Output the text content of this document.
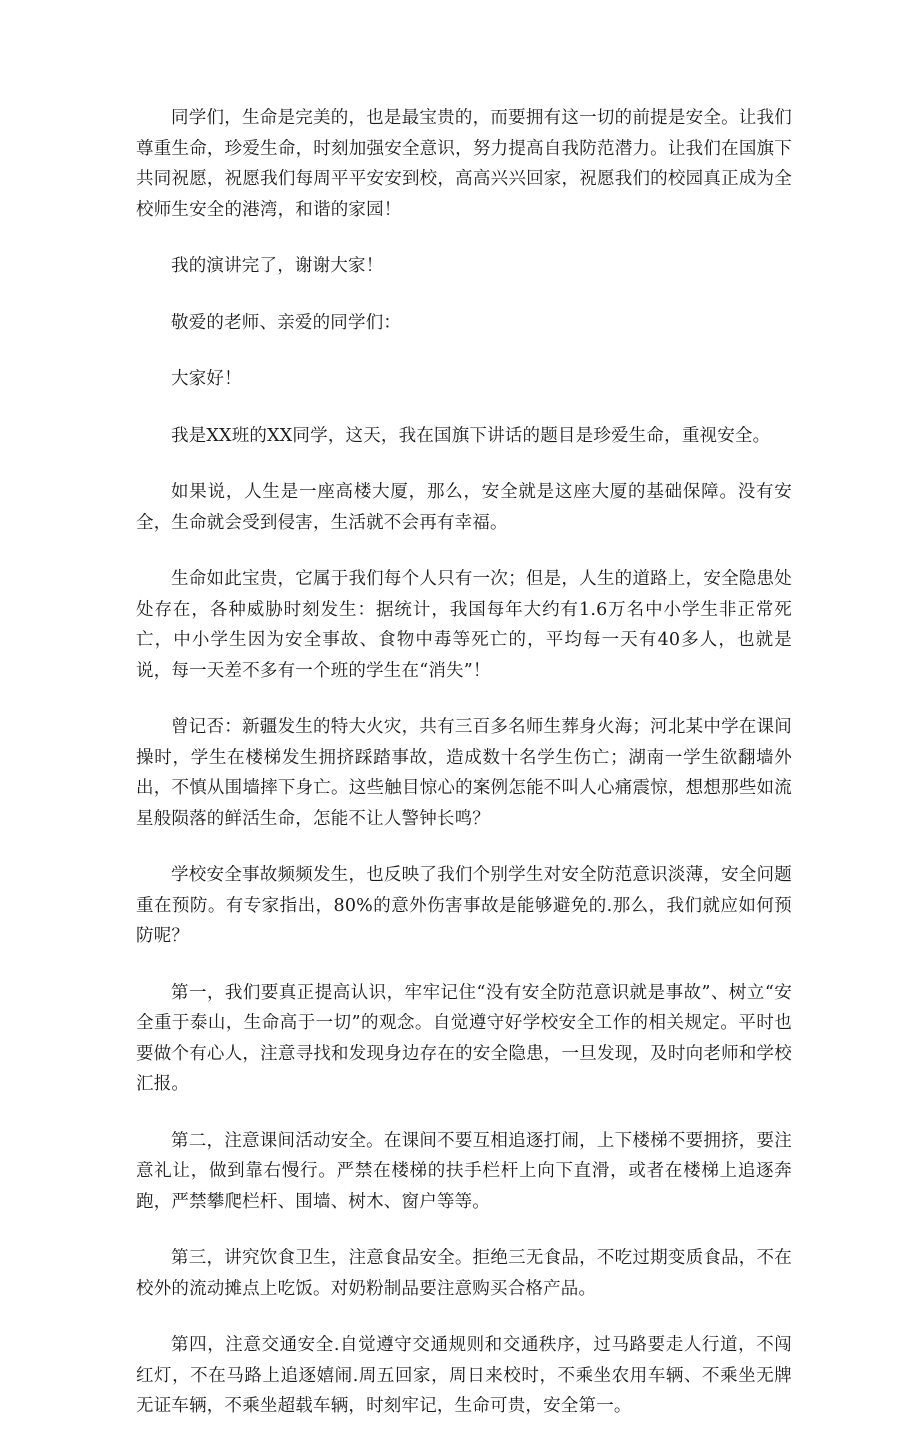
同学们，生命是完美的，也是最宝贵的，而要拥有这一切的前提是安全。让我们尊重生命，珍爱生命，时刻加强安全意识，努力提高自我防范潜力。让我们在国旗下共同祝愿，祝愿我们每周平平安安到校，高高兴兴回家，祝愿我们的校园真正成为全校师生安全的港湾，和谐的家园！

我的演讲完了，谢谢大家！

敬爱的老师、亲爱的同学们：

大家好！

我是XX班的XX同学，这天，我在国旗下讲话的题目是珍爱生命，重视安全。

如果说，人生是一座高楼大厦，那么，安全就是这座大厦的基础保障。没有安全，生命就会受到侵害，生活就不会再有幸福。

生命如此宝贵，它属于我们每个人只有一次；但是，人生的道路上，安全隐患处处存在，各种威胁时刻发生：据统计，我国每年大约有1.6万名中小学生非正常死亡，中小学生因为安全事故、食物中毒等死亡的，平均每一天有40多人，也就是说，每一天差不多有一个班的学生在“消失”！

曾记否：新疆发生的特大火灾，共有三百多名师生葬身火海；河北某中学在课间操时，学生在楼梯发生拥挤踩踏事故，造成数十名学生伤亡；湖南一学生欲翻墙外出，不慎从围墙摔下身亡。这些触目惊心的案例怎能不叫人心痛震惊，想想那些如流星般陨落的鲜活生命，怎能不让人警钟长鸣？

学校安全事故频频发生，也反映了我们个别学生对安全防范意识淡薄，安全问题重在预防。有专家指出，80%的意外伤害事故是能够避免的.那么，我们就应如何预防呢？

第一，我们要真正提高认识，牢牢记住“没有安全防范意识就是事故”、树立“安全重于泰山，生命高于一切”的观念。自觉遵守好学校安全工作的相关规定。平时也要做个有心人，注意寻找和发现身边存在的安全隐患，一旦发现，及时向老师和学校汇报。

第二，注意课间活动安全。在课间不要互相追逐打闹，上下楼梯不要拥挤，要注意礼让，做到靠右慢行。严禁在楼梯的扶手栏杆上向下直滑，或者在楼梯上追逐奔跑，严禁攀爬栏杆、围墙、树木、窗户等等。

第三，讲究饮食卫生，注意食品安全。拒绝三无食品，不吃过期变质食品，不在校外的流动摊点上吃饭。对奶粉制品要注意购买合格产品。

第四，注意交通安全.自觉遵守交通规则和交通秩序，过马路要走人行道，不闯红灯，不在马路上追逐嬉闹.周五回家，周日来校时，不乘坐农用车辆、不乘坐无牌无证车辆，不乘坐超载车辆，时刻牢记，生命可贵，安全第一。
